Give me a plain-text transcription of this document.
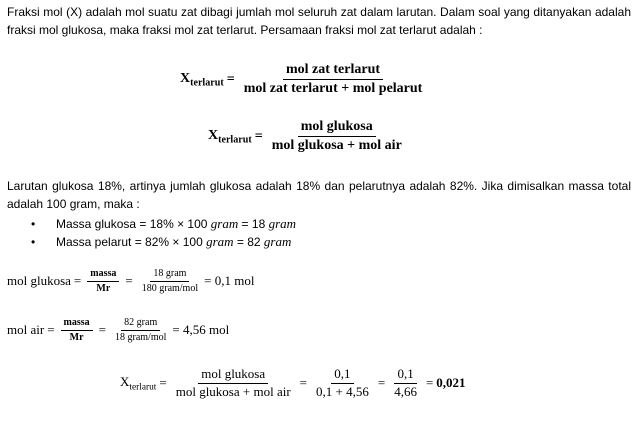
Fraksi mol (X) adalah mol suatu zat dibagi jumlah mol seluruh zat dalam larutan. Dalam soal yang ditanyakan adalah fraksi mol glukosa, maka fraksi mol zat terlarut. Persamaan fraksi mol zat terlarut adalah :

$X_{terlarut} = \frac{\text{mol zat terlarut}}{\text{mol zat terlarut + mol pelarut}}$
$X_{terlarut} = \frac{\text{mol glukosa}}{\text{mol glukosa + mol air}}$

Larutan glukosa 18%, artinya jumlah glukosa adalah 18% dan pelarutnya adalah 82%. Jika dimisalkan massa total adalah 100 gram, maka :

• Massa glukosa = 18% × 100 gram = 18 gram
• Massa pelarut = 82% × 100 gram = 82 gram
mol glukosa = $\frac{\text{massa}}{Mr} = \frac{\text{18 gram}}{\text{180 gram/mol}} = 0,1$ mol
mol air = $\frac{\text{massa}}{Mr} = \frac{\text{82 gram}}{\text{18 gram/mol}} = 4,56$ mol
$X_{terlarut} = \frac{\text{mol glukosa}}{\text{mol glukosa + mol air}} = \frac{0,1}{0,1 + 4,56} = \frac{0,1}{4,66} = 0,021$
